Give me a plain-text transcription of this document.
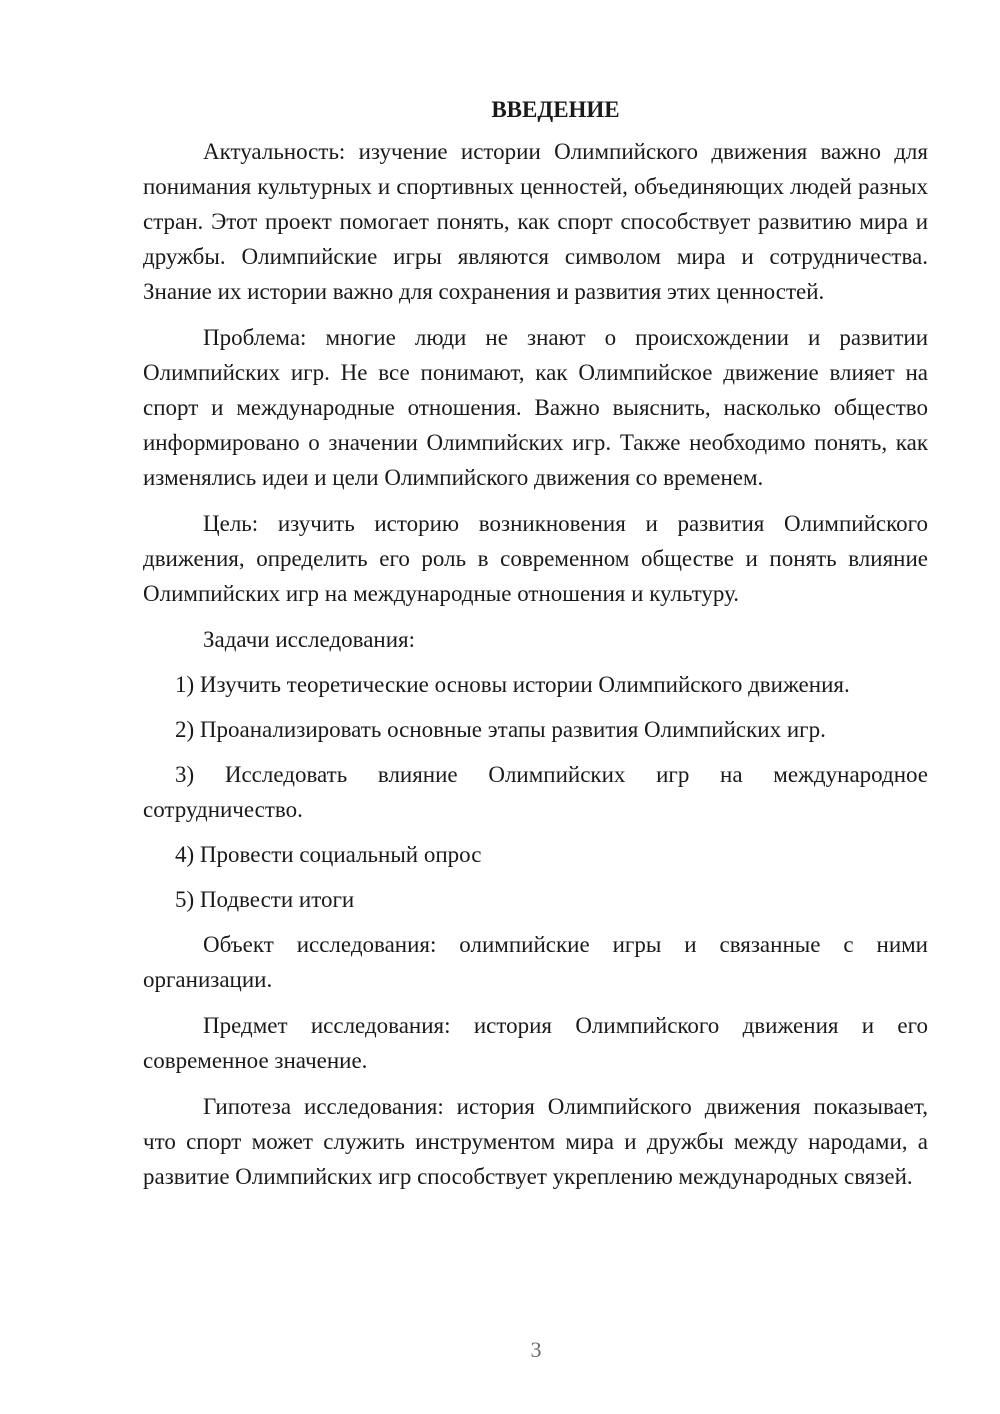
ВВЕДЕНИЕ

Актуальность: изучение истории Олимпийского движения важно для понимания культурных и спортивных ценностей, объединяющих людей разных стран. Этот проект помогает понять, как спорт способствует развитию мира и дружбы. Олимпийские игры являются символом мира и сотрудничества. Знание их истории важно для сохранения и развития этих ценностей.

Проблема: многие люди не знают о происхождении и развитии Олимпийских игр. Не все понимают, как Олимпийское движение влияет на спорт и международные отношения. Важно выяснить, насколько общество информировано о значении Олимпийских игр. Также необходимо понять, как изменялись идеи и цели Олимпийского движения со временем.

Цель: изучить историю возникновения и развития Олимпийского движения, определить его роль в современном обществе и понять влияние Олимпийских игр на международные отношения и культуру.

Задачи исследования:

1) Изучить теоретические основы истории Олимпийского движения.

2) Проанализировать основные этапы развития Олимпийских игр.

3) Исследовать влияние Олимпийских игр на международное сотрудничество.

4) Провести социальный опрос

5) Подвести итоги

Объект исследования: олимпийские игры и связанные с ними организации.

Предмет исследования: история Олимпийского движения и его современное значение.

Гипотеза исследования: история Олимпийского движения показывает, что спорт может служить инструментом мира и дружбы между народами, а развитие Олимпийских игр способствует укреплению международных связей.

3
